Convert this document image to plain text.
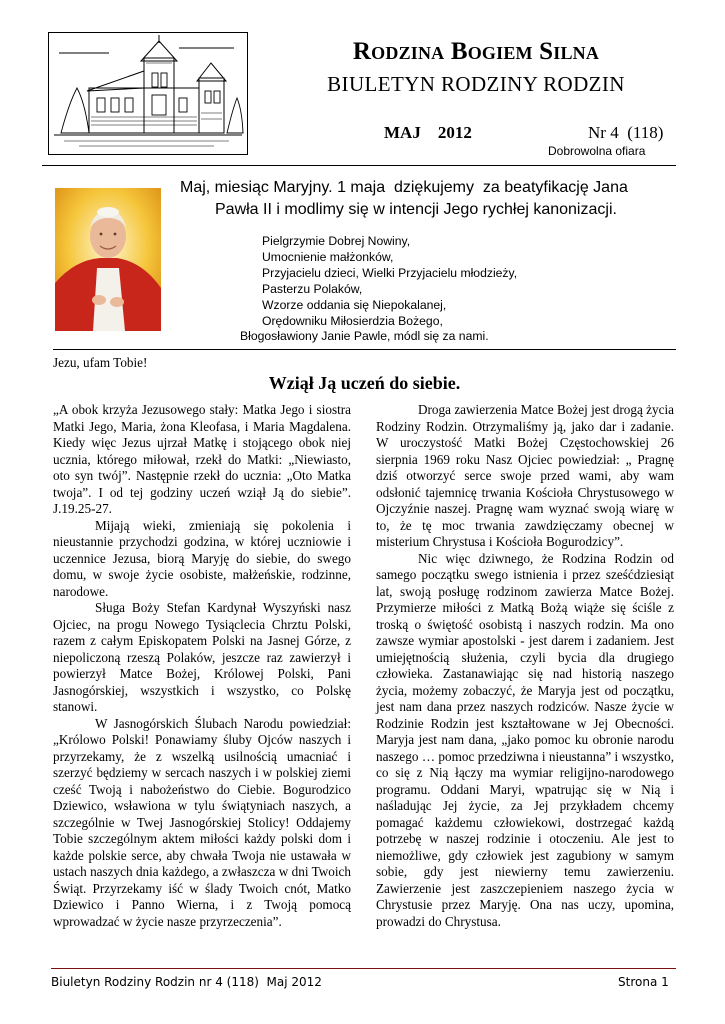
Rodzina Bogiem Silna
BIULETYN RODZINY RODZIN
MAJ    2012	Nr 4  (118)
Dobrowolna ofiara
Maj, miesiąc Maryjny. 1 maja  dziękujemy  za beatyfikację Jana
Pawła II i modlimy się w intencji Jego rychłej kanonizacji.
Pielgrzymie Dobrej Nowiny,
Umocnienie małżonków,
Przyjacielu dzieci, Wielki Przyjacielu młodzieży,
Pasterzu Polaków,
Wzorze oddania się Niepokalanej,
Orędowniku Miłosierdzia Bożego,
Błogosławiony Janie Pawle, módl się za nami.
Jezu, ufam Tobie!
Wziął Ją uczeń do siebie.

„A obok krzyża Jezusowego stały: Matka Jego i siostra Matki Jego, Maria, żona Kleofasa, i Maria Magdalena. Kiedy więc Jezus ujrzał Matkę i stojącego obok niej ucznia, którego miłował, rzekł do Matki: „Niewiasto, oto syn twój”. Następnie rzekł do ucznia: „Oto Matka twoja”. I od tej godziny uczeń wziął Ją do siebie”. J.19.25-27.

Mijają wieki, zmieniają się pokolenia i nieustannie przychodzi godzina, w której uczniowie i uczennice Jezusa, biorą Maryję do siebie, do swego domu, w swoje życie osobiste, małżeńskie, rodzinne, narodowe.

Sługa Boży Stefan Kardynał Wyszyński nasz Ojciec, na progu Nowego Tysiąclecia Chrztu Polski, razem z całym Episkopatem Polski na Jasnej Górze, z niepoliczoną rzeszą Polaków, jeszcze raz zawierzył i powierzył Matce Bożej, Królowej Polski, Pani Jasnogórskiej, wszystkich i wszystko, co Polskę stanowi.

W Jasnogórskich Ślubach Narodu powiedział: „Królowo Polski! Ponawiamy śluby Ojców naszych i przyrzekamy, że z wszelką usilnością umacniać i szerzyć będziemy w sercach naszych i w polskiej ziemi cześć Twoją i nabożeństwo do Ciebie. Bogurodzico Dziewico, wsławiona w tylu świątyniach naszych, a szczególnie w Twej Jasnogórskiej Stolicy! Oddajemy Tobie szczególnym aktem miłości każdy polski dom i każde polskie serce, aby chwała Twoja nie ustawała w ustach naszych dnia każdego, a zwłaszcza w dni Twoich Świąt. Przyrzekamy iść w ślady Twoich cnót, Matko Dziewico i Panno Wierna, i z Twoją pomocą wprowadzać w życie nasze przyrzeczenia”.

Droga zawierzenia Matce Bożej jest drogą życia Rodziny Rodzin. Otrzymaliśmy ją, jako dar i zadanie. W uroczystość Matki Bożej Częstochowskiej 26 sierpnia 1969 roku Nasz Ojciec powiedział: „ Pragnę dziś otworzyć serce swoje przed wami, aby wam odsłonić tajemnicę trwania Kościoła Chrystusowego w Ojczyźnie naszej. Pragnę wam wyznać swoją wiarę w to, że tę moc trwania zawdzięczamy obecnej w misterium Chrystusa i Kościoła Bogurodzicy”.

Nic więc dziwnego, że Rodzina Rodzin od samego początku swego istnienia i przez sześćdziesiąt lat, swoją posługę rodzinom zawierza Matce Bożej. Przymierze miłości z Matką Bożą wiąże się ściśle z troską o świętość osobistą i naszych rodzin. Ma ono zawsze wymiar apostolski - jest darem i zadaniem. Jest umiejętnością służenia, czyli bycia dla drugiego człowieka. Zastanawiając się nad historią naszego życia, możemy zobaczyć, że Maryja jest od początku, jest nam dana przez naszych rodziców. Nasze życie w Rodzinie Rodzin jest kształtowane w Jej Obecności. Maryja jest nam dana, „jako pomoc ku obronie narodu naszego … pomoc przedziwna i nieustanna” i wszystko, co się z Nią łączy ma wymiar religijno-narodowego programu. Oddani Maryi, wpatrując się w Nią i naśladując Jej życie, za Jej przykładem chcemy pomagać każdemu człowiekowi, dostrzegać każdą potrzebę w naszej rodzinie i otoczeniu. Ale jest to niemożliwe, gdy człowiek jest zagubiony w samym sobie, gdy jest niewierny temu zawierzeniu. Zawierzenie jest zaszczepieniem naszego życia w Chrystusie przez Maryję. Ona nas uczy, upomina, prowadzi do Chrystusa.

Biuletyn Rodziny Rodzin nr 4 (118)  Maj 2012	Strona 1
